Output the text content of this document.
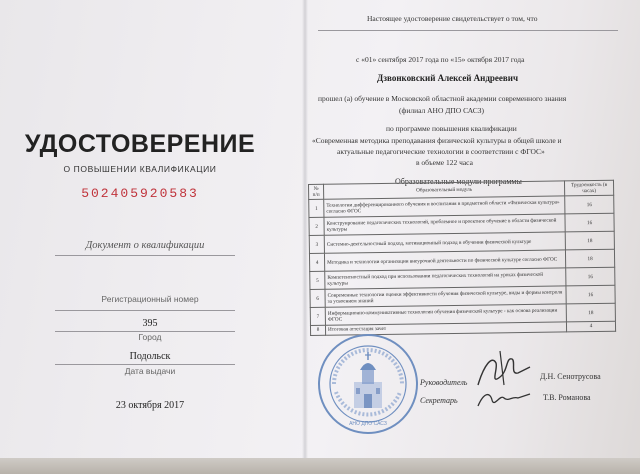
УДОСТОВЕРЕНИЕ
О ПОВЫШЕНИИ КВАЛИФИКАЦИИ
502405920583
Документ о квалификации
Регистрационный номер
395
Город
Подольск
Дата выдачи
23 октября 2017
Настоящее удостоверение свидетельствует о том, что
с «01» сентября 2017 года по «15» октября 2017 года
Дзвонковский Алексей Андреевич
прошел (а) обучение в Московской областной академии современного знания
(филиал АНО ДПО САСЗ)
по программе повышения квалификации
«Современная методика преподавания физической культуры в общей школе и
актуальные педагогические технологии в соответствии с ФГОС»
в объеме 122 часа
Образовательные модули программы
№ п/п	Образовательный модуль	Трудоемкость (в часах)
1	Технологии дифференцированного обучения и воспитания в предметной области «Физическая культура» согласно ФГОС	16
2	Конструирование педагогических технологий, проблемное и проектное обучение в области физической культуры	16
3	Системно-деятельностный подход, мотивационный подход в обучении физической культуре	18
4	Методика и технологии организации внеурочной деятельности по физической культуре согласно ФГОС	18
5	Компетентностный подход при использовании педагогических технологий на уроках физической культуры	16
6	Современные технологии оценки эффективности обучения физической культуре, виды и формы контроля за усвоением знаний	16
7	Информационно-коммуникативные технологии обучения физической культуре - как основа реализации ФГОС	18
8	Итоговая аттестация зачет	4
АНО ДПО САСЗ
Руководитель
Д.Н. Сенотрусова
Секретарь	Т.В. Романова
